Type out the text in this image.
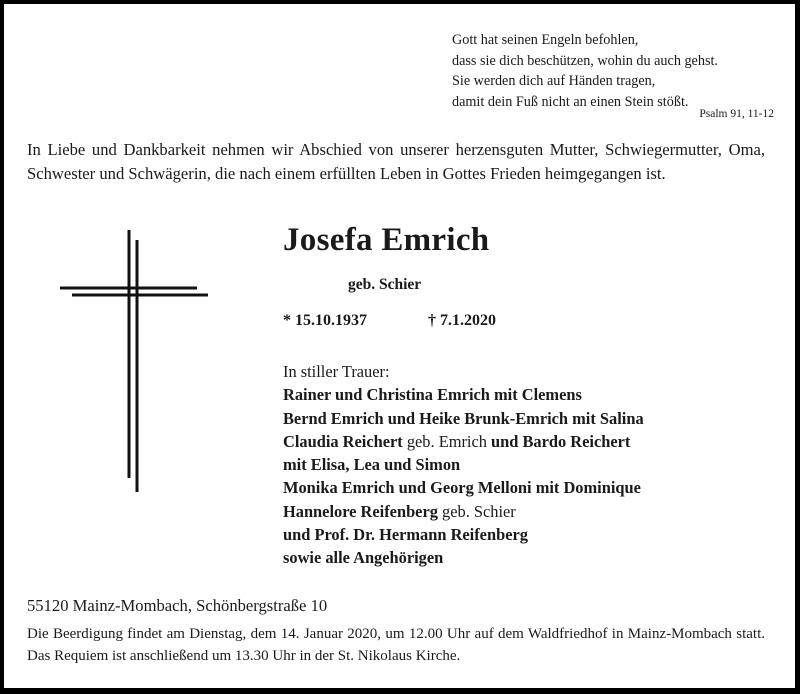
Gott hat seinen Engeln befohlen,
dass sie dich beschützen, wohin du auch gehst.
Sie werden dich auf Händen tragen,
damit dein Fuß nicht an einen Stein stößt.
Psalm 91, 11-12
In Liebe und Dankbarkeit nehmen wir Abschied von unserer herzensguten Mutter, Schwiegermutter, Oma, Schwester und Schwägerin, die nach einem erfüllten Leben in Gottes Frieden heimgegangen ist.
Josefa Emrich
geb. Schier
* 15.10.1937	† 7.1.2020
In stiller Trauer:
Rainer und Christina Emrich mit Clemens
Bernd Emrich und Heike Brunk-Emrich mit Salina
Claudia Reichert geb. Emrich und Bardo Reichert
mit Elisa, Lea und Simon
Monika Emrich und Georg Melloni mit Dominique
Hannelore Reifenberg geb. Schier
und Prof. Dr. Hermann Reifenberg
sowie alle Angehörigen
55120 Mainz-Mombach, Schönbergstraße 10
Die Beerdigung findet am Dienstag, dem 14. Januar 2020, um 12.00 Uhr auf dem Waldfriedhof in Mainz-Mombach statt. Das Requiem ist anschließend um 13.30 Uhr in der St. Nikolaus Kirche.
